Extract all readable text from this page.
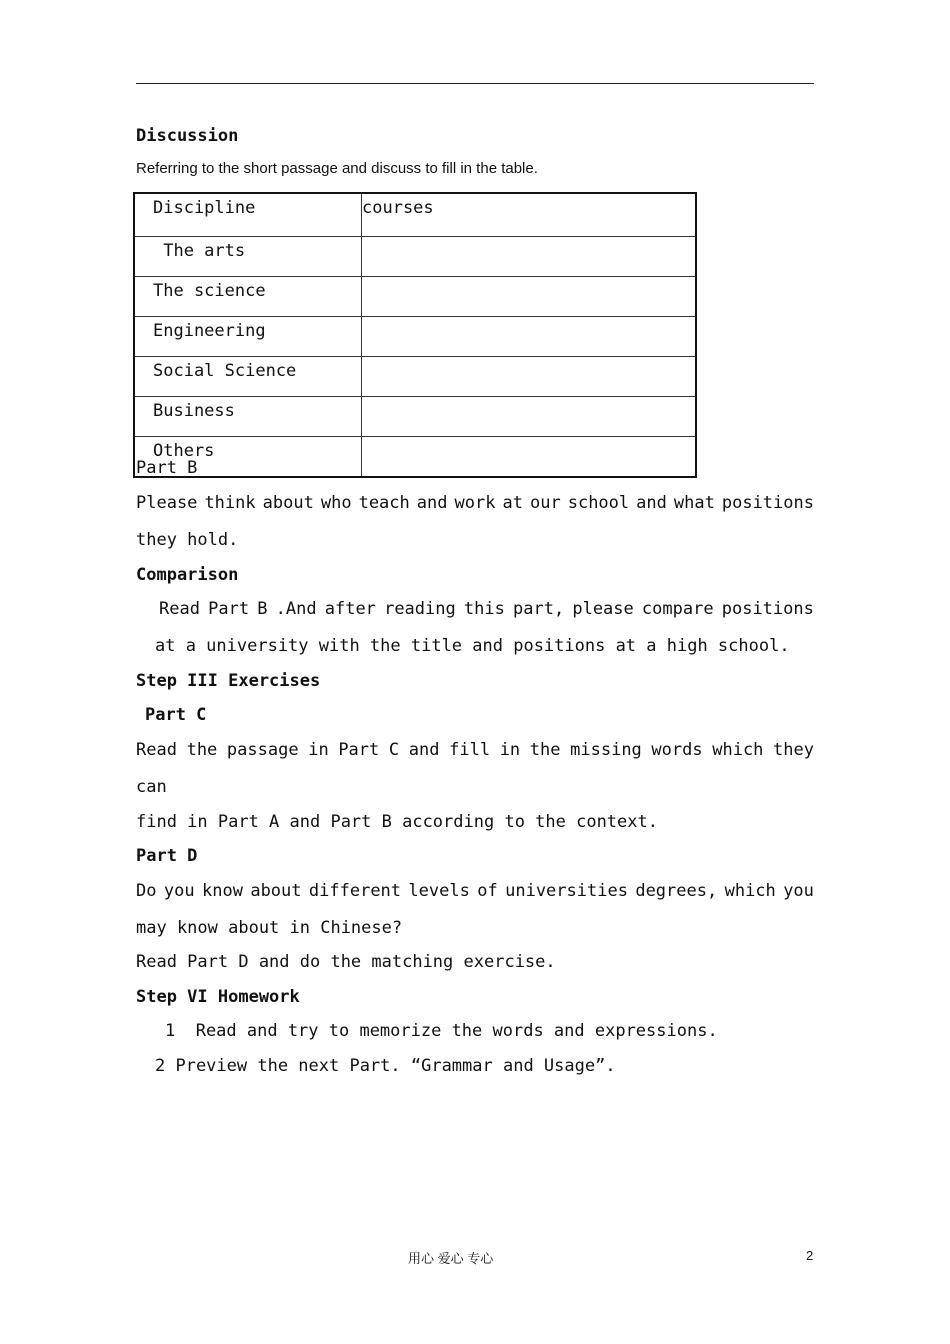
Discussion
Referring to the short passage and discuss to fill in the table.
Discipline	courses
The arts	
The science	
Engineering	
Social Science	
Business	
Others	
Part B
Please think about who teach and work at our school and what positions
they hold.
Comparison
Read Part B .And after reading this part, please compare positions
at a university with the title and positions at a high school.
Step III Exercises
Part C
Read the passage in Part C and fill in the missing words which they
can
find in Part A and Part B according to the context.
Part D
Do you know about different levels of universities degrees, which you
may know about in Chinese?
Read Part D and do the matching exercise.
Step VI Homework
1  Read and try to memorize the words and expressions.
2 Preview the next Part. “Grammar and Usage”.
用心 爱心 专心	2
